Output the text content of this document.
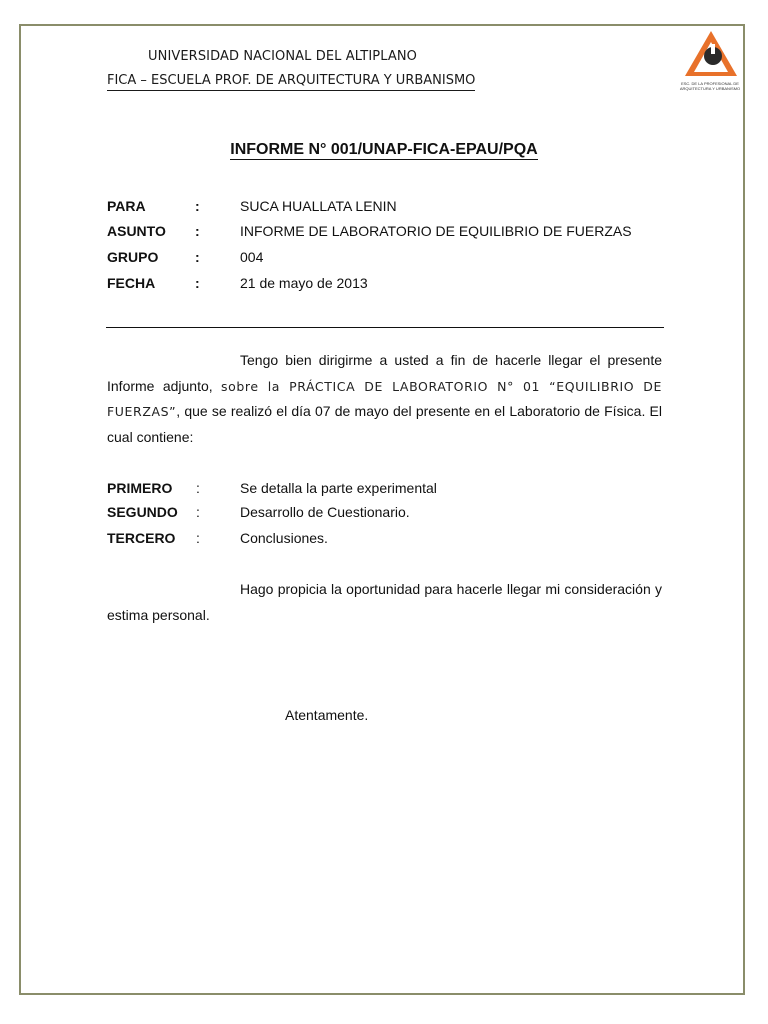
UNIVERSIDAD NACIONAL DEL ALTIPLANO
FICA – ESCUELA PROF. DE ARQUITECTURA Y URBANISMO	ESC. DE LA PROFESIONAL DE ARQUITECTURA Y URBANISMO
INFORME N° 001/UNAP-FICA-EPAU/PQA
PARA	:	SUCA HUALLATA LENIN
ASUNTO	:	INFORME DE LABORATORIO DE EQUILIBRIO DE FUERZAS
GRUPO	:	004
FECHA	:	21 de mayo de 2013
Tengo bien dirigirme a usted a fin de hacerle llegar el presente Informe adjunto, sobre la PRÁCTICA DE LABORATORIO N° 01 “EQUILIBRIO DE FUERZAS”, que se realizó el día 07 de mayo del presente en el Laboratorio de Física. El cual contiene:
PRIMERO :	Se detalla la parte experimental
SEGUNDO :	Desarrollo de Cuestionario.
TERCERO :	Conclusiones.
Hago propicia la oportunidad para hacerle llegar mi consideración y estima personal.
Atentamente.
